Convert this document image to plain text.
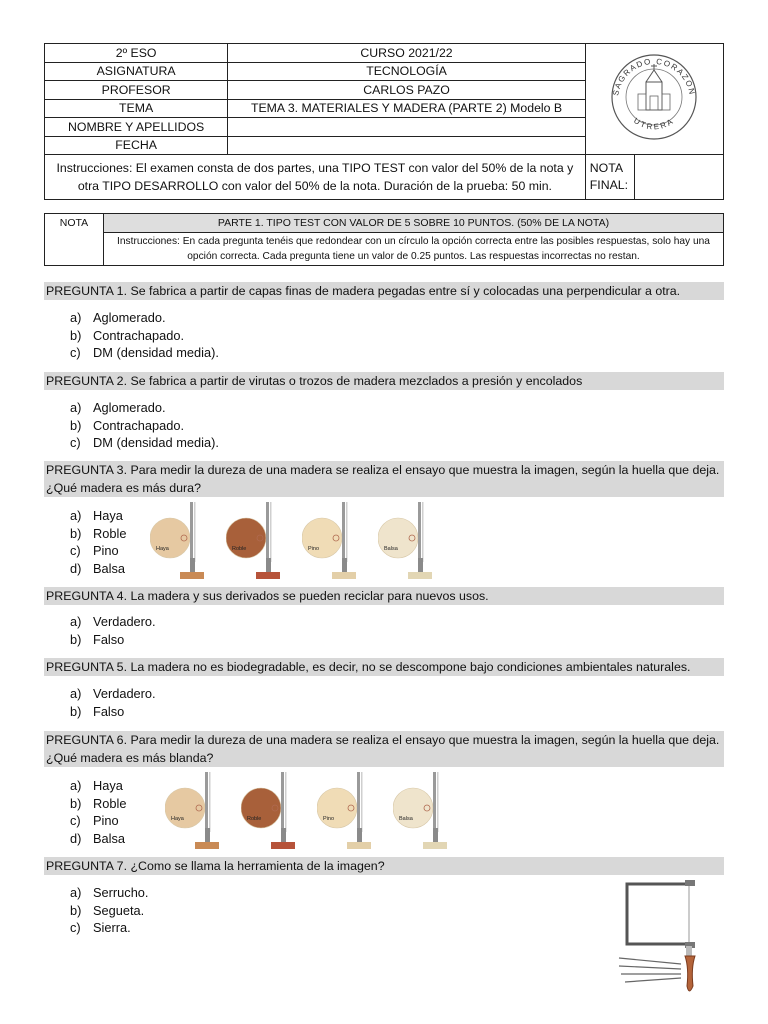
2º ESO	CURSO 2021/22	SAGRADO CORAZON
UTRERA	

ASIGNATURA	TECNOLOGÍA		
PROFESOR	CARLOS PAZO		
TEMA	TEMA 3. MATERIALES Y MADERA (PARTE 2) Modelo B		
NOMBRE Y APELLIDOS			
FECHA			
Instrucciones: El examen consta de dos partes, una TIPO TEST con valor del 50% de la nota y otra TIPO DESARROLLO con valor del 50% de la nota. Duración de la prueba: 50 min.		NOTA FINAL:	
NOTA	PARTE 1. TIPO TEST CON VALOR DE 5 SOBRE 10 PUNTOS. (50% DE LA NOTA)
Instrucciones: En cada pregunta tenéis que redondear con un círculo la opción correcta entre las posibles respuestas, solo hay una opción correcta. Cada pregunta tiene un valor de 0.25 puntos. Las respuestas incorrectas no restan.
PREGUNTA 1. Se fabrica a partir de capas finas de madera pegadas entre sí y colocadas una perpendicular a otra.
a) Aglomerado.
b) Contrachapado.
c) DM (densidad media).
PREGUNTA 2. Se fabrica a partir de virutas o trozos de madera mezclados a presión y encolados
a) Aglomerado.
b) Contrachapado.
c) DM (densidad media).
PREGUNTA 3. Para medir la dureza de una madera se realiza el ensayo que muestra la imagen, según la huella que deja. ¿Qué madera es más dura?
a) Haya
b) Roble
c) Pino
d) Balsa
Haya	Roble	Pino	Balsa
PREGUNTA 4. La madera y sus derivados se pueden reciclar para nuevos usos.
a) Verdadero.
b) Falso
PREGUNTA 5. La madera no es biodegradable, es decir, no se descompone bajo condiciones ambientales naturales.
a) Verdadero.
b) Falso
PREGUNTA 6. Para medir la dureza de una madera se realiza el ensayo que muestra la imagen, según la huella que deja. ¿Qué madera es más blanda?
a) Haya
b) Roble
c) Pino
d) Balsa
Haya	Roble	Pino	Balsa
PREGUNTA 7. ¿Como se llama la herramienta de la imagen?
a) Serrucho.
b) Segueta.
c) Sierra.
